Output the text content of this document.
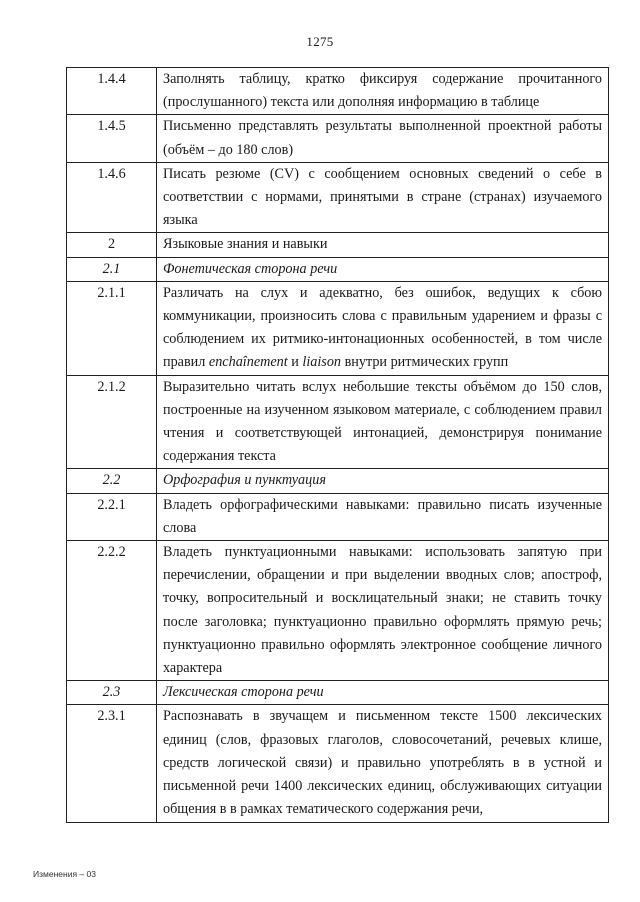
1275
1.4.4	Заполнять таблицу, кратко фиксируя содержание прочитанного (прослушанного) текста или дополняя информацию в таблице
1.4.5	Письменно представлять результаты выполненной проектной работы (объём – до 180 слов)
1.4.6	Писать резюме (CV) с сообщением основных сведений о себе в соответствии с нормами, принятыми в стране (странах) изучаемого языка
2	Языковые знания и навыки
2.1	Фонетическая сторона речи
2.1.1	Различать на слух и адекватно, без ошибок, ведущих к сбою коммуникации, произносить слова с правильным ударением и фразы с соблюдением их ритмико-интонационных особенностей, в том числе правил enchaînement и liaison внутри ритмических групп
2.1.2	Выразительно читать вслух небольшие тексты объёмом до 150 слов, построенные на изученном языковом материале, с соблюдением правил чтения и соответствующей интонацией, демонстрируя понимание содержания текста
2.2	Орфография и пунктуация
2.2.1	Владеть орфографическими навыками: правильно писать изученные слова
2.2.2	Владеть пунктуационными навыками: использовать запятую при перечислении, обращении и при выделении вводных слов; апостроф, точку, вопросительный и восклицательный знаки; не ставить точку после заголовка; пунктуационно правильно оформлять прямую речь; пунктуационно правильно оформлять электронное сообщение личного характера
2.3	Лексическая сторона речи
2.3.1	Распознавать в звучащем и письменном тексте 1500 лексических единиц (слов, фразовых глаголов, словосочетаний, речевых клише, средств логической связи) и правильно употреблять в в устной и письменной речи 1400 лексических единиц, обслуживающих ситуации общения в в рамках тематического содержания речи,
Изменения – 03
